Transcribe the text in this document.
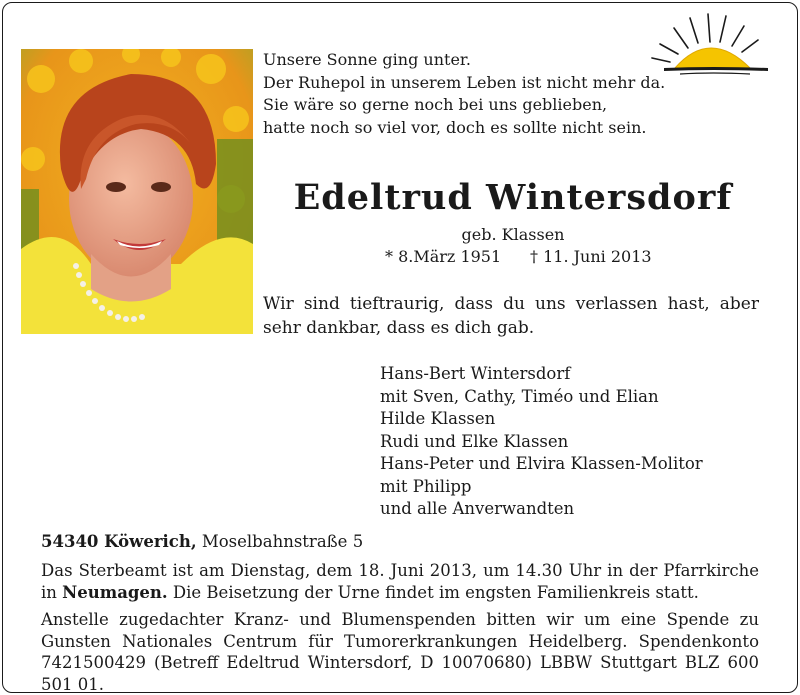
Unsere Sonne ging unter.
Der Ruhepol in unserem Leben ist nicht mehr da.
Sie wäre so gerne noch bei uns geblieben,
hatte noch so viel vor, doch es sollte nicht sein.
Edeltrud Wintersdorf
geb. Klassen
* 8.März 1951 † 11. Juni 2013
Wir sind tieftraurig, dass du uns verlassen hast, aber sehr dankbar, dass es dich gab.
Hans-Bert Wintersdorf
mit Sven, Cathy, Timéo und Elian
Hilde Klassen
Rudi und Elke Klassen
Hans-Peter und Elvira Klassen-Molitor
mit Philipp
und alle Anverwandten
54340 Köwerich, Moselbahnstraße 5
Das Sterbeamt ist am Dienstag, dem 18. Juni 2013, um 14.30 Uhr in der Pfarrkirche in Neumagen. Die Beisetzung der Urne findet im engsten Familienkreis statt.
Anstelle zugedachter Kranz- und Blumenspenden bitten wir um eine Spende zu Gunsten Nationales Centrum für Tumorerkrankungen Heidelberg. Spendenkonto 7421500429 (Betreff Edeltrud Wintersdorf, D 10070680) LBBW Stuttgart BLZ 600 501 01.
